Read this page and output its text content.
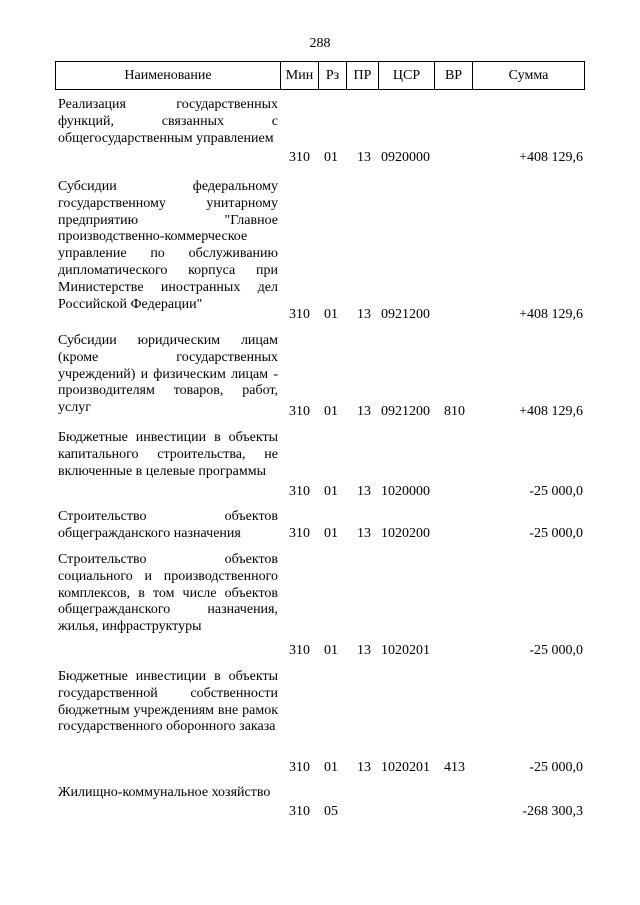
288
Наименование	Мин Рз	ПР	ЦСР	ВР	Сумма
Реализация государственных функций, связанных с общегосударственным управлением
310 01 13 0920000	+408 129,6
Субсидии федеральному государственному унитарному предприятию "Главное производственно-коммерческое управление по обслуживанию дипломатического корпуса при Министерстве иностранных дел Российской Федерации"
310 01 13 0921200	+408 129,6
Субсидии юридическим лицам (кроме государственных учреждений) и физическим лицам - производителям товаров, работ, услуг	310 01 13 0921200 810	+408 129,6
Бюджетные инвестиции в объекты капитального строительства, не включенные в целевые программы
310 01 13 1020000	-25 000,0
Строительство объектов общегражданского назначения	310 01 13 1020200	-25 000,0
Строительство объектов социального и производственного комплексов, в том числе объектов общегражданского назначения, жилья, инфраструктуры
310 01 13 1020201	-25 000,0
Бюджетные инвестиции в объекты государственной собственности бюджетным учреждениям вне рамок государственного оборонного заказа
310 01 13 1020201 413	-25 000,0
Жилищно-коммунальное хозяйство
310 05	-268 300,3
